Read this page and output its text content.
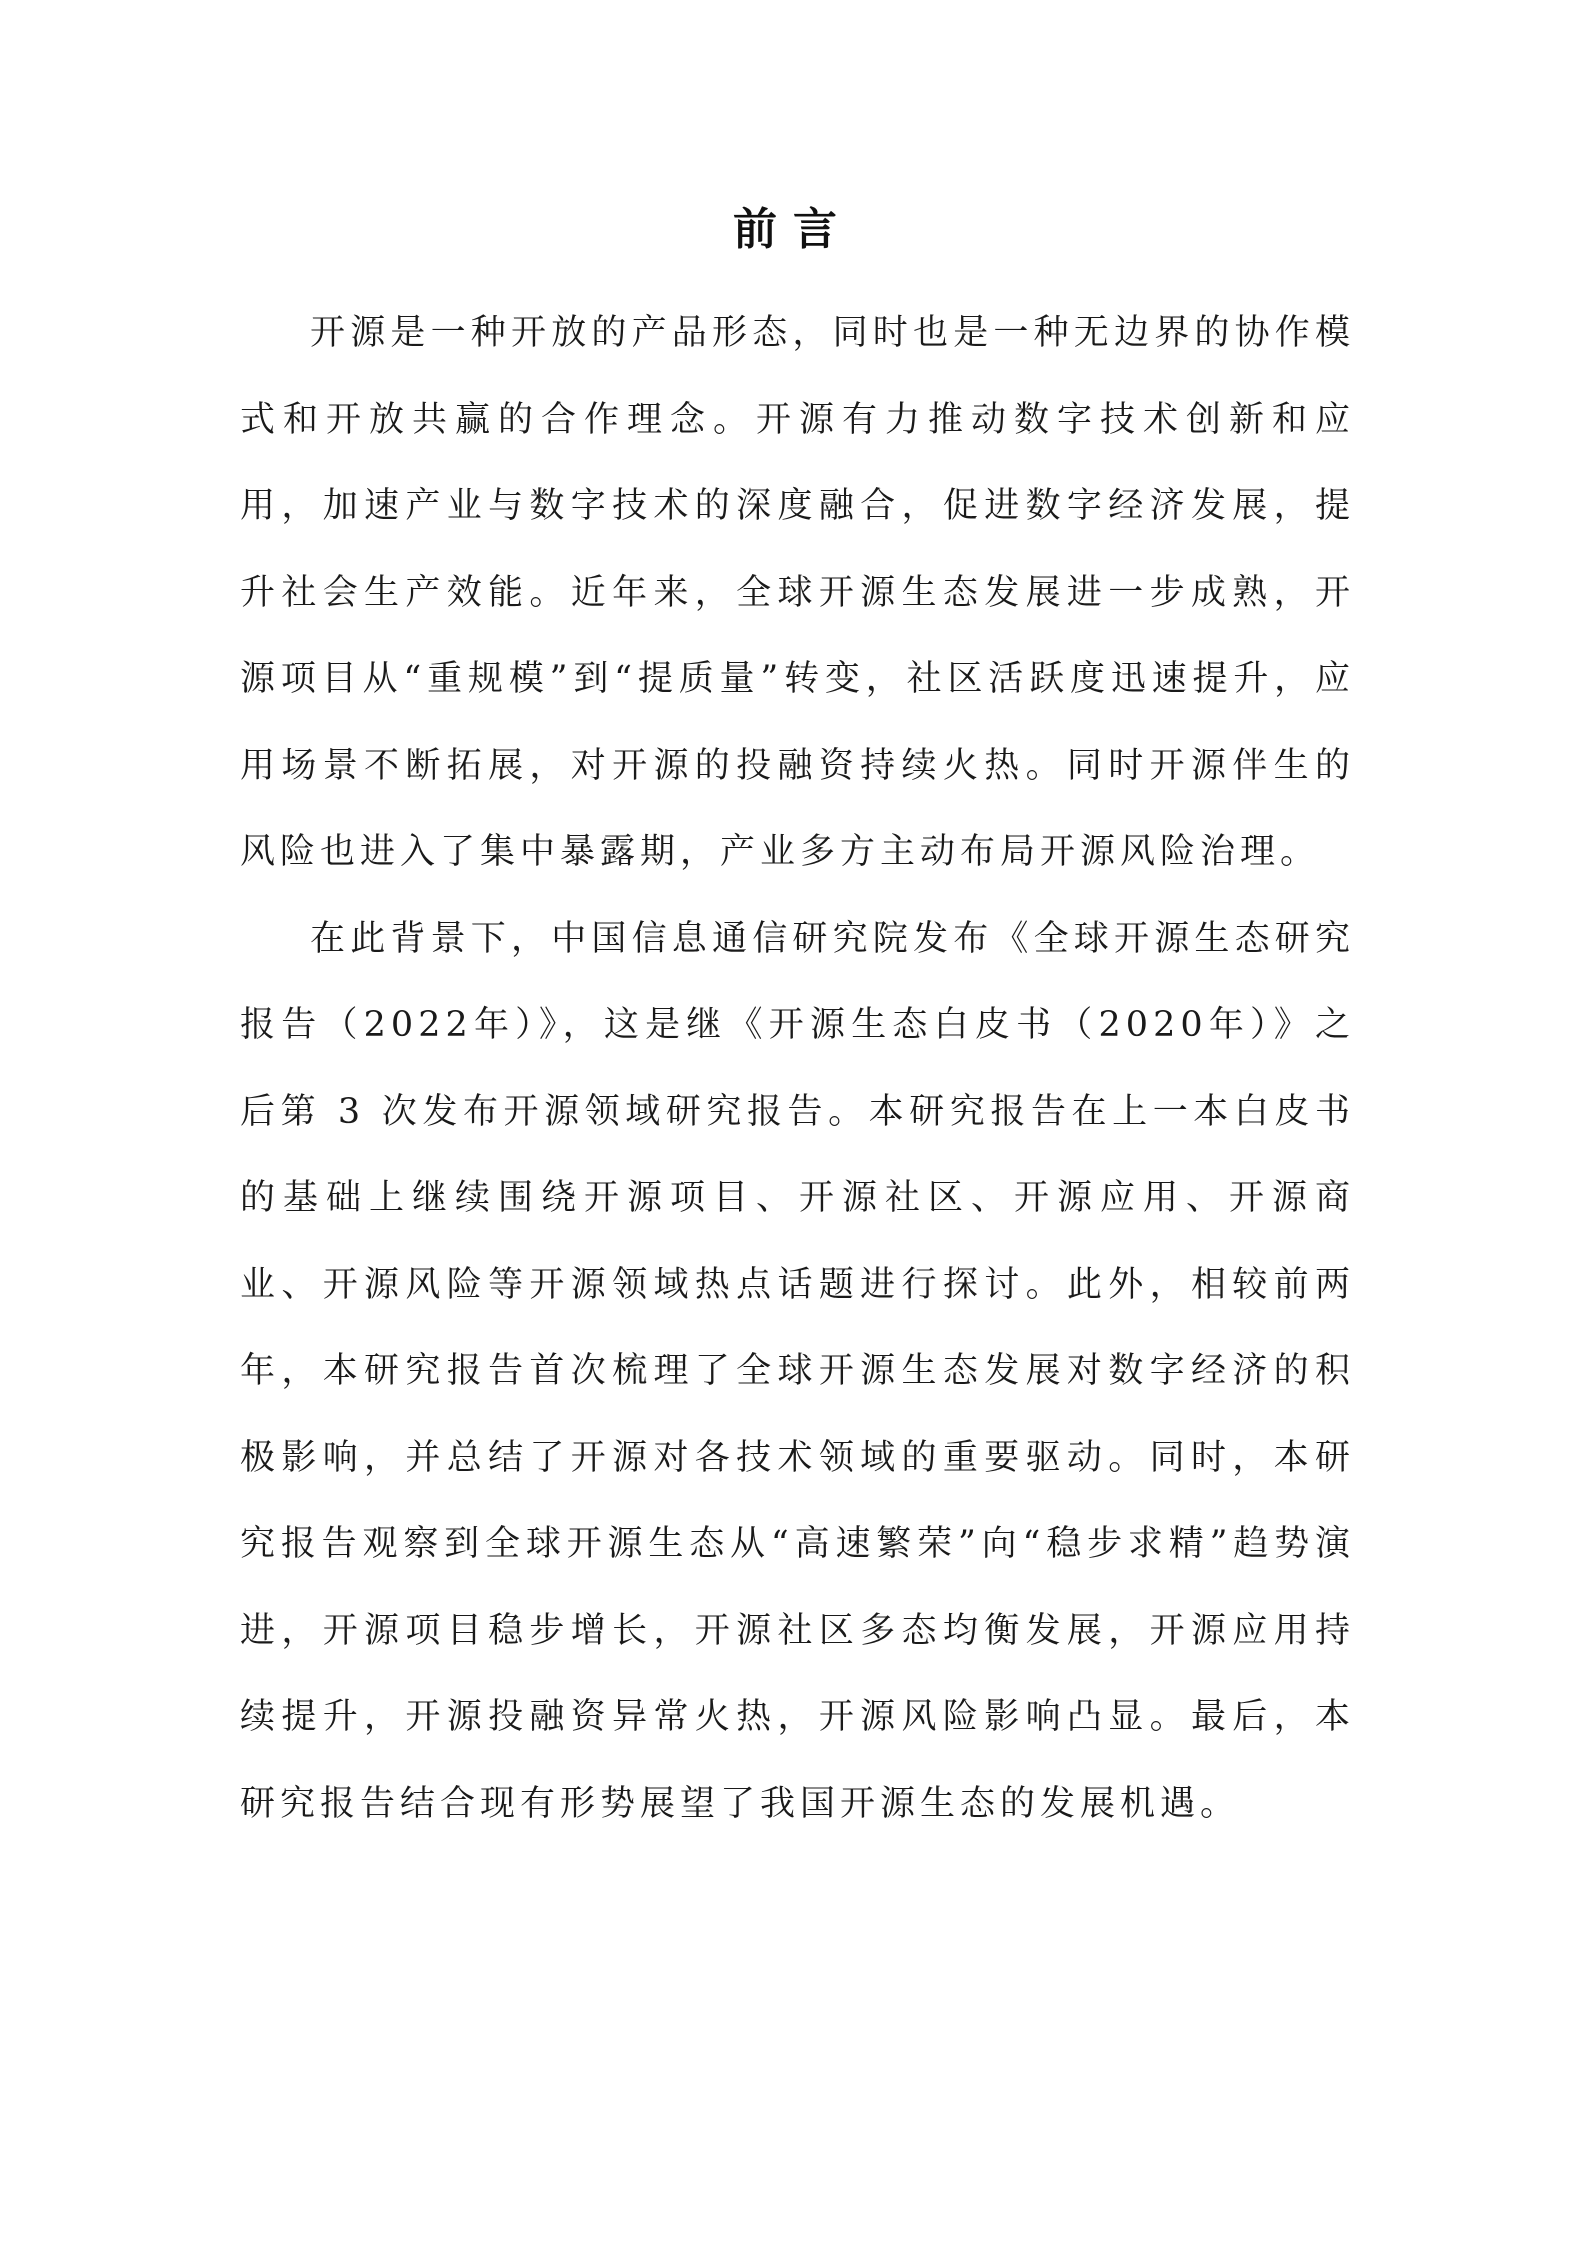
前言

开源是一种开放的产品形态，同时也是一种无边界的协作模式和开放共赢的合作理念。开源有力推动数字技术创新和应用，加速产业与数字技术的深度融合，促进数字经济发展，提升社会生产效能。近年来，全球开源生态发展进一步成熟，开源项目从“重规模”到“提质量”转变，社区活跃度迅速提升，应用场景不断拓展，对开源的投融资持续火热。同时开源伴生的风险也进入了集中暴露期，产业多方主动布局开源风险治理。

在此背景下，中国信息通信研究院发布《全球开源生态研究报告（2022年）》，这是继《开源生态白皮书（2020年）》之后第 3 次发布开源领域研究报告。本研究报告在上一本白皮书的基础上继续围绕开源项目、开源社区、开源应用、开源商业、开源风险等开源领域热点话题进行探讨。此外，相较前两年，本研究报告首次梳理了全球开源生态发展对数字经济的积极影响，并总结了开源对各技术领域的重要驱动。同时，本研究报告观察到全球开源生态从“高速繁荣”向“稳步求精”趋势演进，开源项目稳步增长，开源社区多态均衡发展，开源应用持续提升，开源投融资异常火热，开源风险影响凸显。最后，本研究报告结合现有形势展望了我国开源生态的发展机遇。
